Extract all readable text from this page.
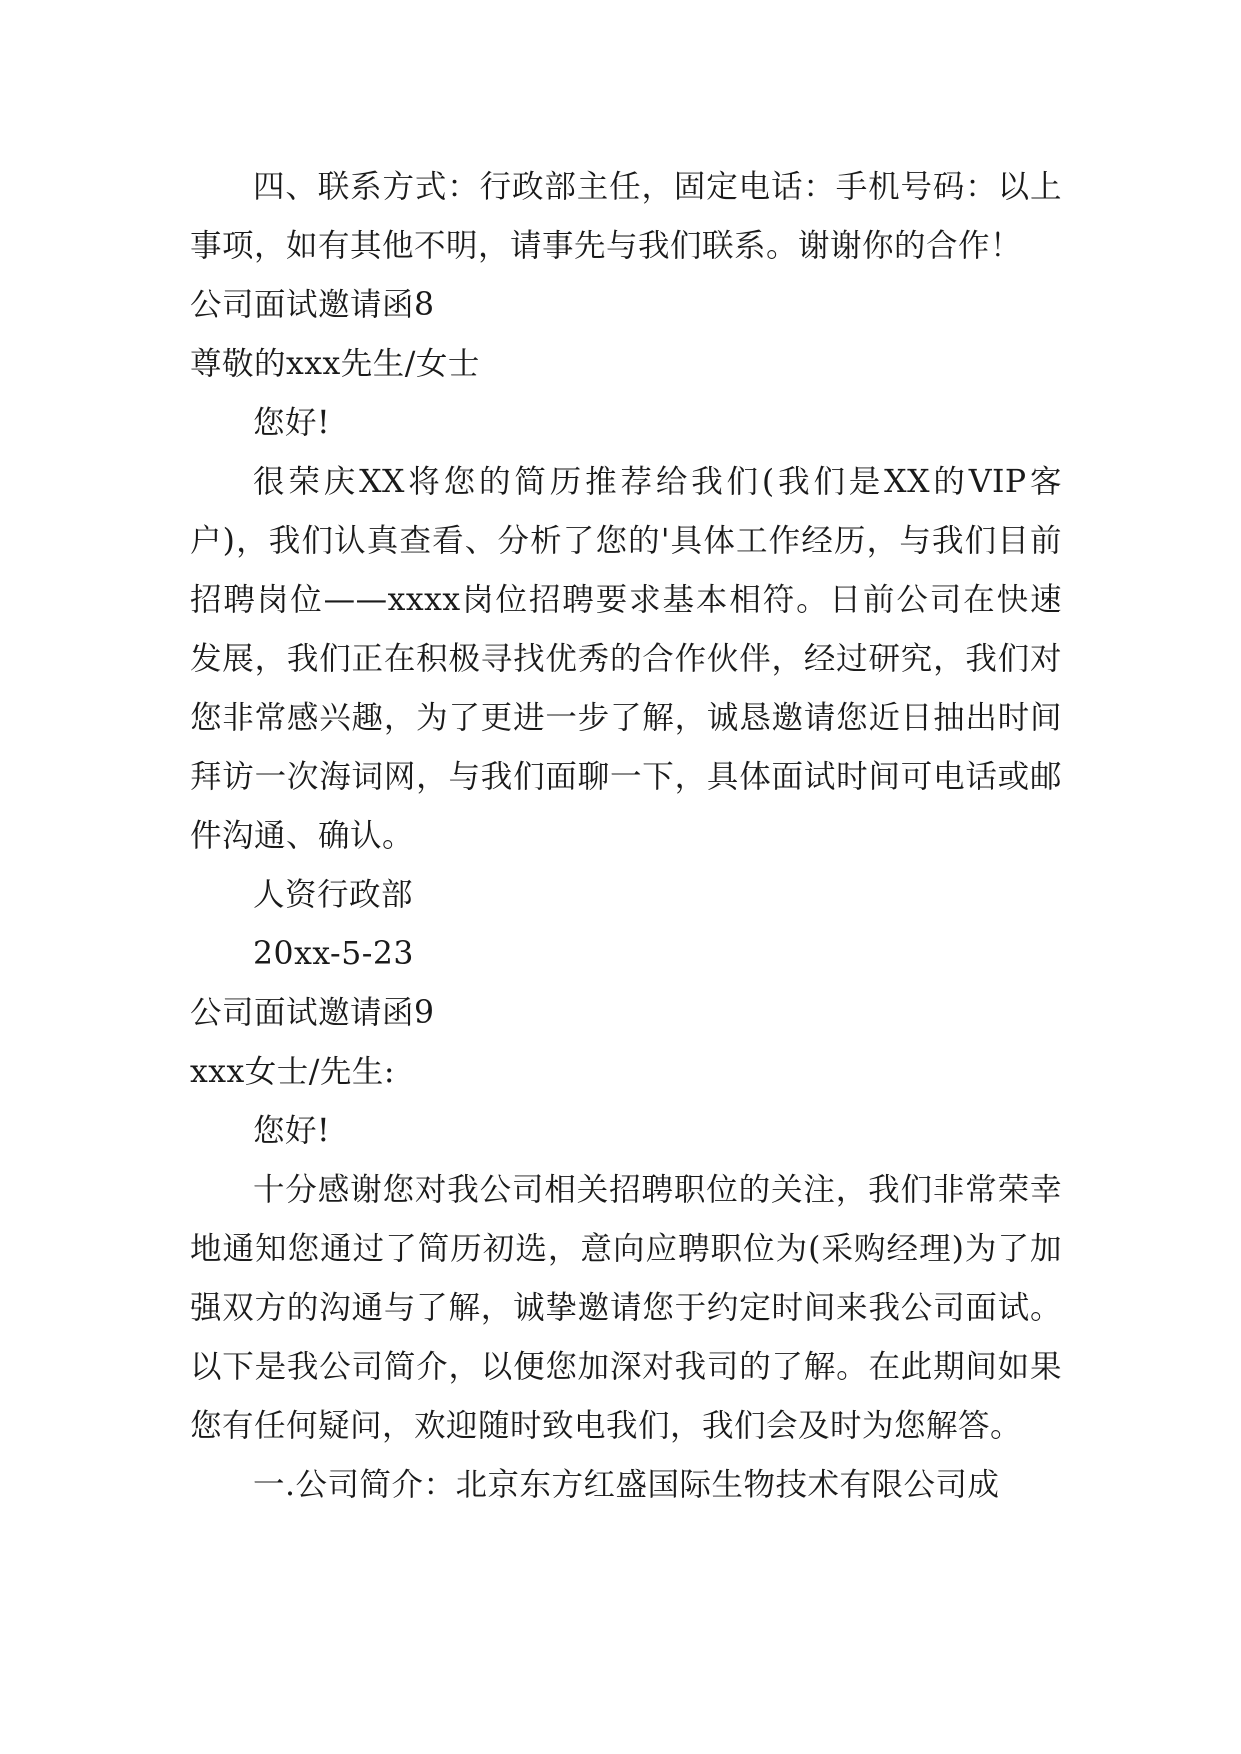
四、联系方式：行政部主任，固定电话：手机号码：以上事项，如有其他不明，请事先与我们联系。谢谢你的合作！

公司面试邀请函8

尊敬的xxx先生/女士

您好!

很荣庆XX将您的简历推荐给我们(我们是XX的VIP客户)，我们认真查看、分析了您的'具体工作经历，与我们目前招聘岗位——xxxx岗位招聘要求基本相符。日前公司在快速发展，我们正在积极寻找优秀的合作伙伴，经过研究，我们对您非常感兴趣，为了更进一步了解，诚恳邀请您近日抽出时间拜访一次海词网，与我们面聊一下，具体面试时间可电话或邮件沟通、确认。

人资行政部

20xx-5-23

公司面试邀请函9

xxx女士/先生:

您好!

十分感谢您对我公司相关招聘职位的关注，我们非常荣幸地通知您通过了简历初选，意向应聘职位为(采购经理)为了加强双方的沟通与了解，诚挚邀请您于约定时间来我公司面试。以下是我公司简介，以便您加深对我司的了解。在此期间如果您有任何疑问，欢迎随时致电我们，我们会及时为您解答。

一.公司简介：北京东方红盛国际生物技术有限公司成
